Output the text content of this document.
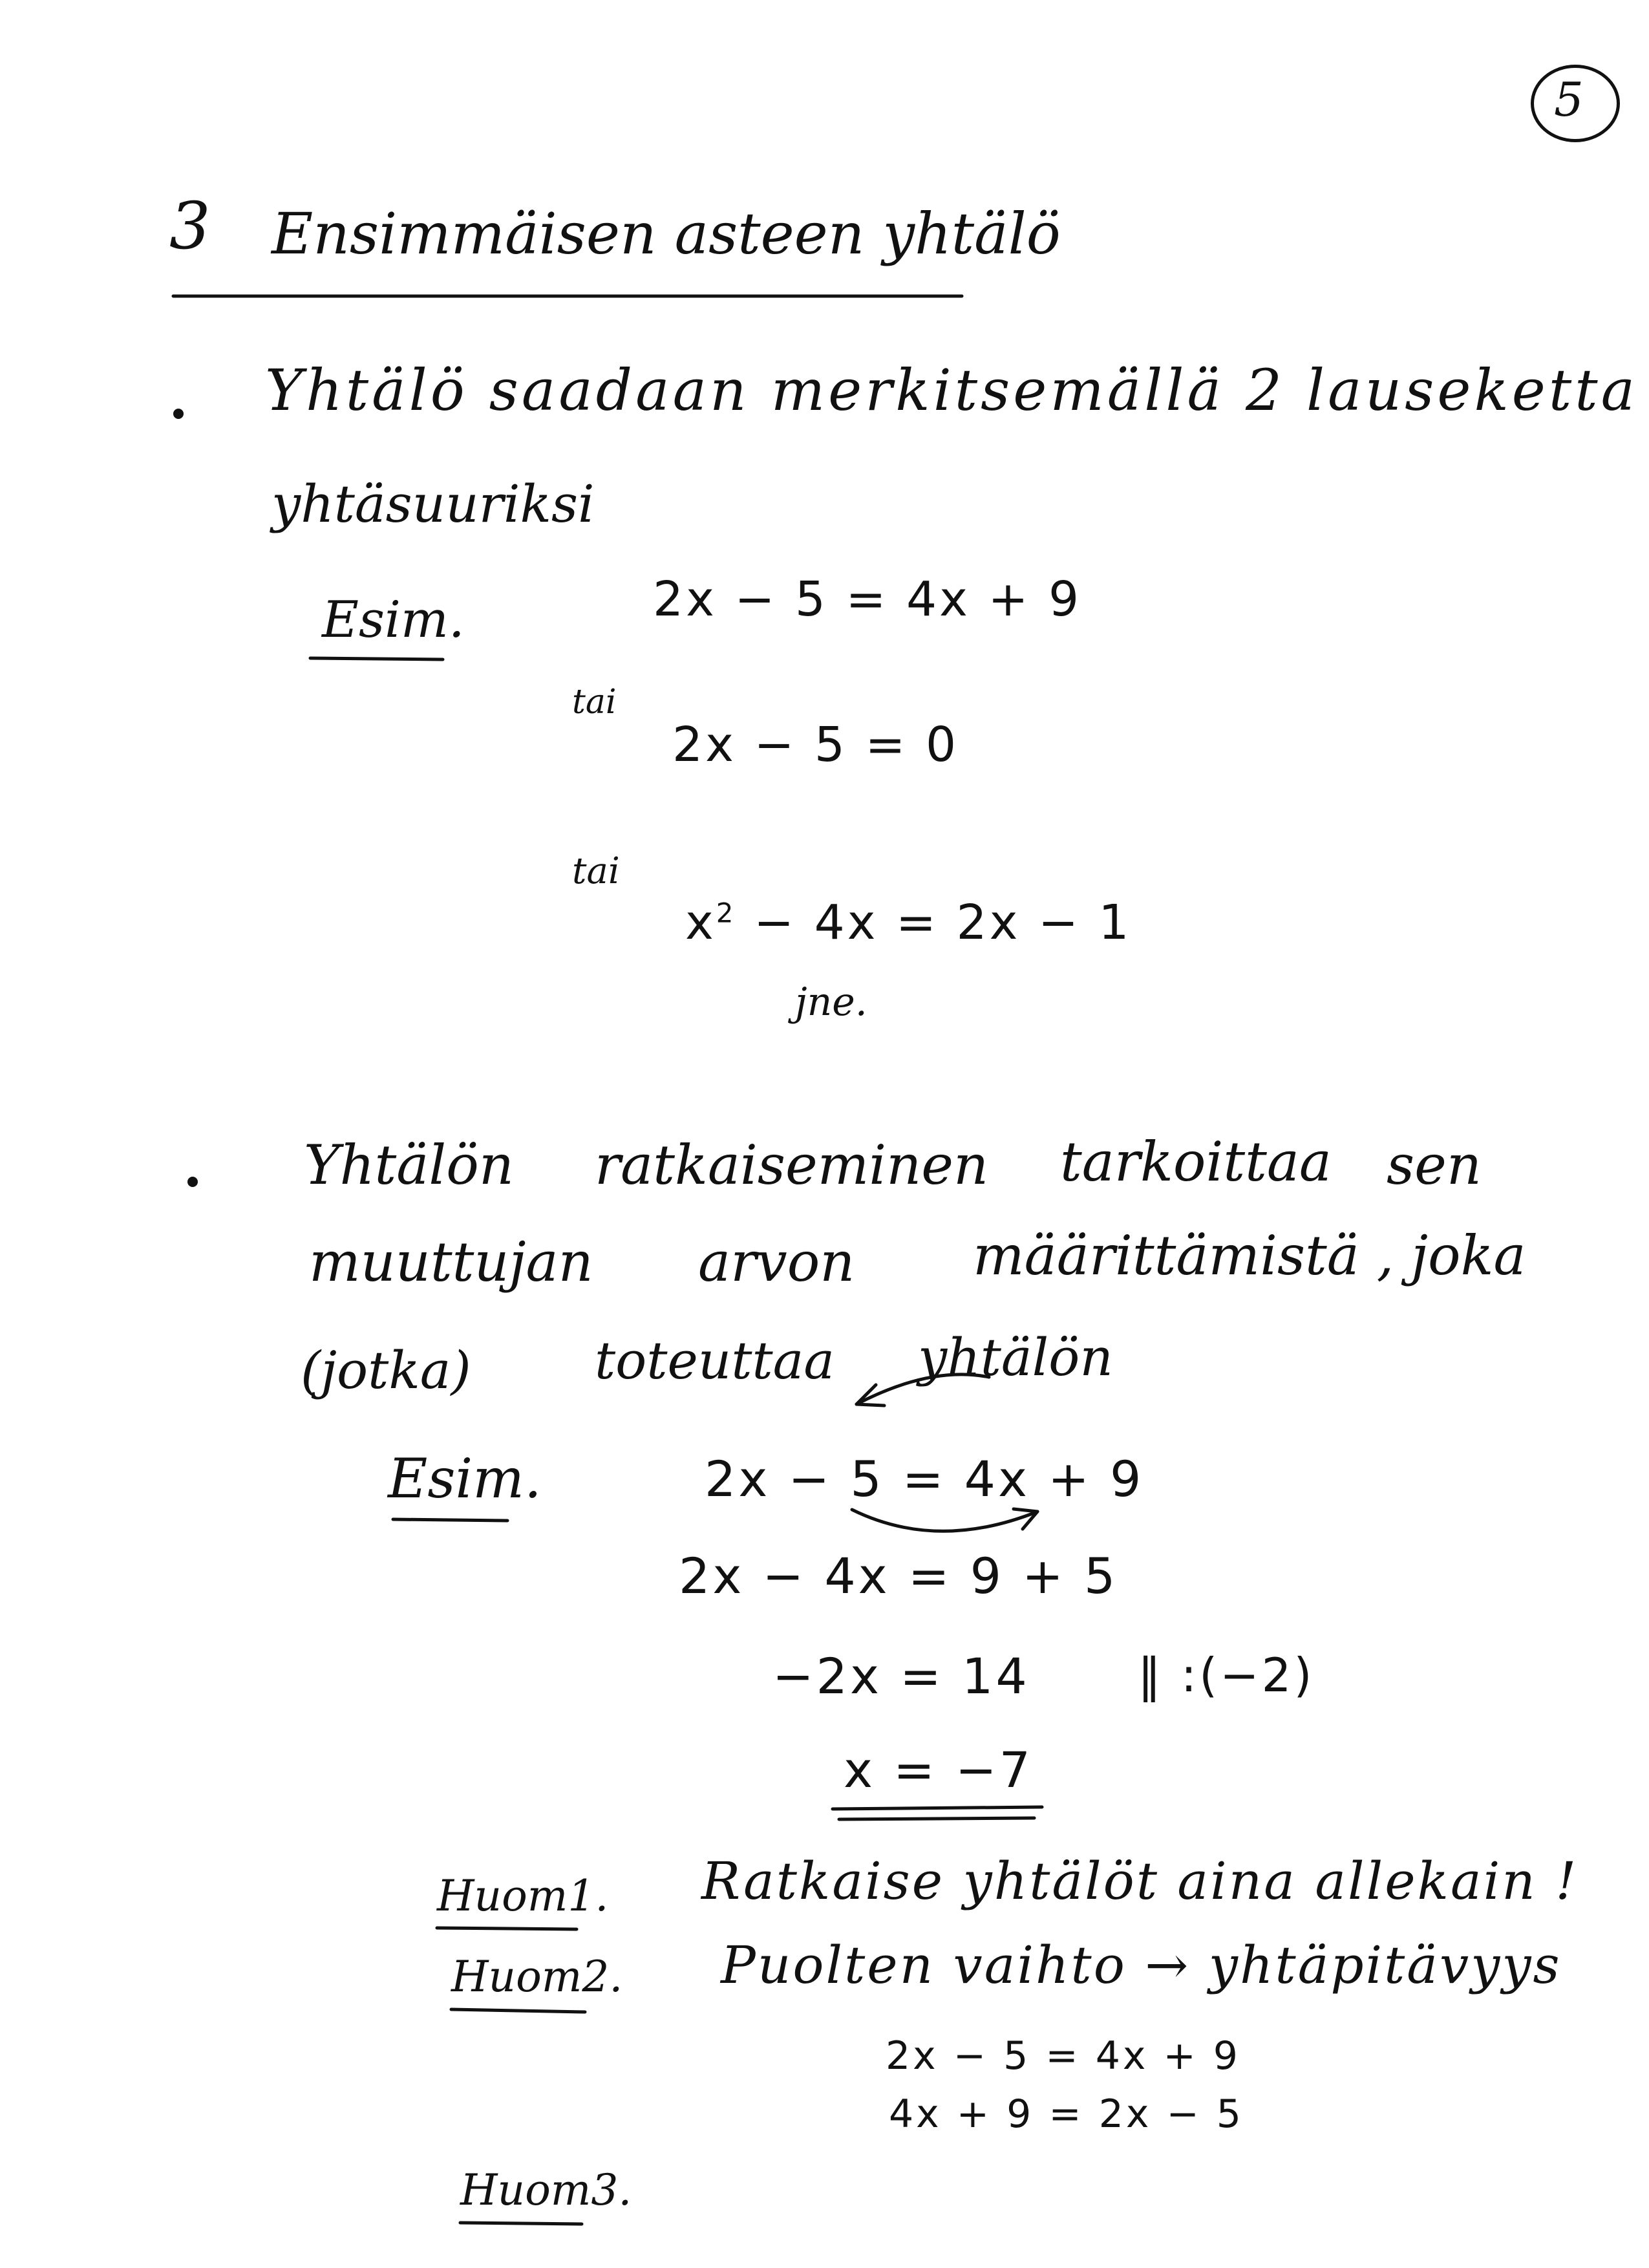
5
3 Ensimmäisen asteen yhtälö
Yhtälö saadaan merkitsemällä 2 lauseketta
yhtäsuuriksi
Esim.	2x − 5 = 4x + 9
tai
2x − 5 = 0
tai
$x^2 - 4x = 2x - 1$
jne.
Yhtälön ratkaiseminen tarkoittaa sen
muuttujan arvon määrittämistä , joka
(jotka) toteuttaa yhtälön
Esim.	2x − 5 = 4x + 9
2x − 4x = 9 + 5
−2x = 14 ‖ :(−2)
x = −7
Huom1. Ratkaise yhtälöt aina allekain !
Huom2. Puolten vaihto → yhtäpitävyys
2x − 5 = 4x + 9
4x + 9 = 2x − 5
Huom3.
